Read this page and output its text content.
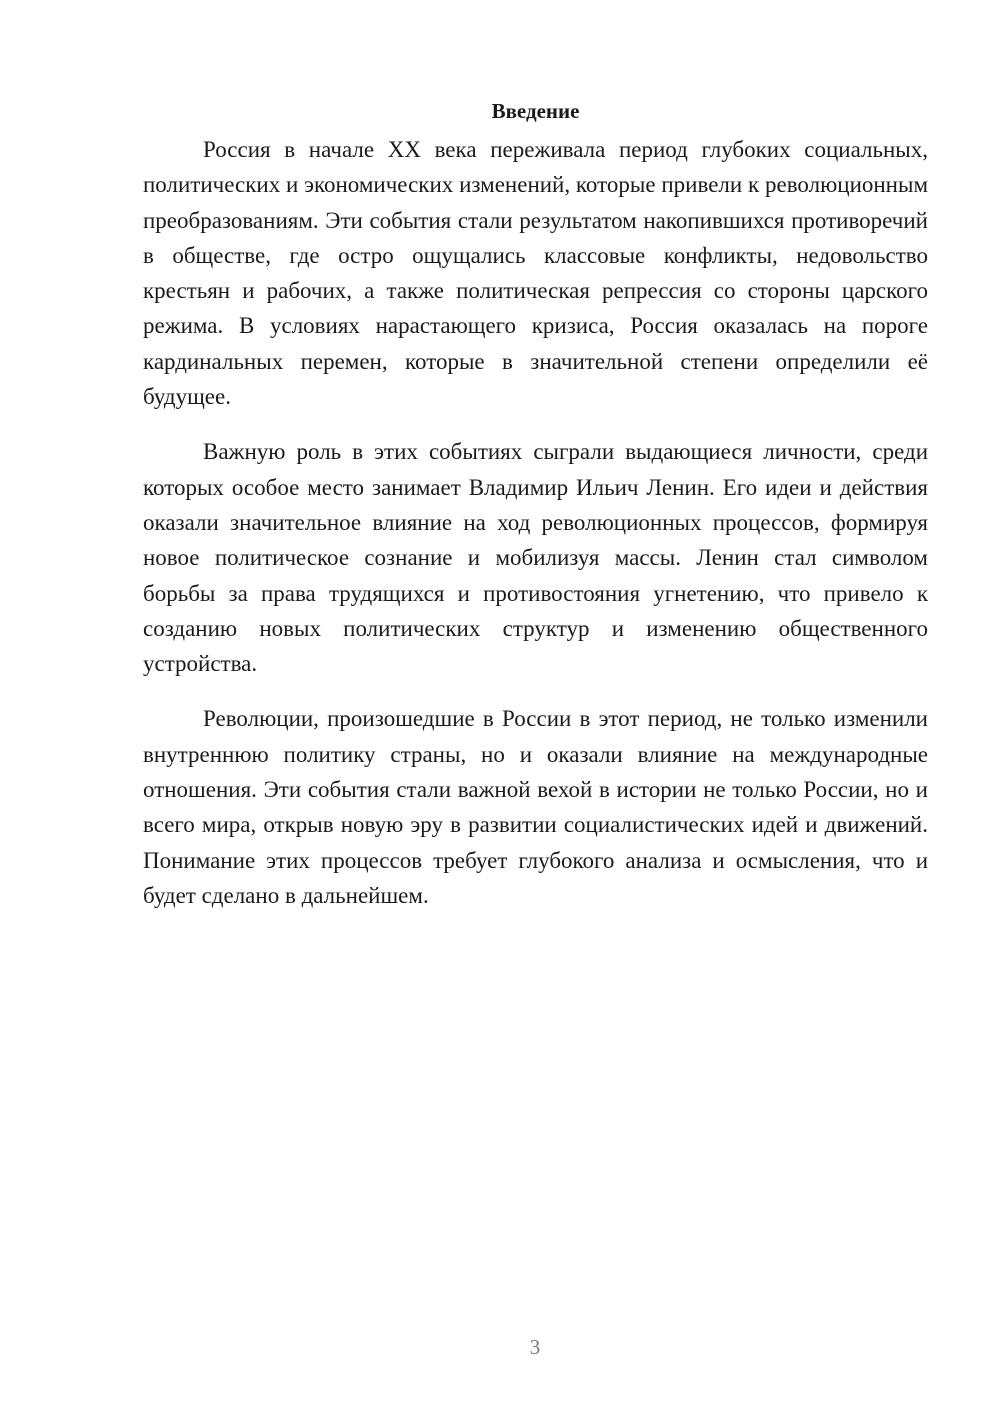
Введение

Россия в начале XX века переживала период глубоких социальных, политических и экономических изменений, которые привели к революционным преобразованиям. Эти события стали результатом накопившихся противоречий в обществе, где остро ощущались классовые конфликты, недовольство крестьян и рабочих, а также политическая репрессия со стороны царского режима. В условиях нарастающего кризиса, Россия оказалась на пороге кардинальных перемен, которые в значительной степени определили её будущее.

Важную роль в этих событиях сыграли выдающиеся личности, среди которых особое место занимает Владимир Ильич Ленин. Его идеи и действия оказали значительное влияние на ход революционных процессов, формируя новое политическое сознание и мобилизуя массы. Ленин стал символом борьбы за права трудящихся и противостояния угнетению, что привело к созданию новых политических структур и изменению общественного устройства.

Революции, произошедшие в России в этот период, не только изменили внутреннюю политику страны, но и оказали влияние на международные отношения. Эти события стали важной вехой в истории не только России, но и всего мира, открыв новую эру в развитии социалистических идей и движений. Понимание этих процессов требует глубокого анализа и осмысления, что и будет сделано в дальнейшем.

3
